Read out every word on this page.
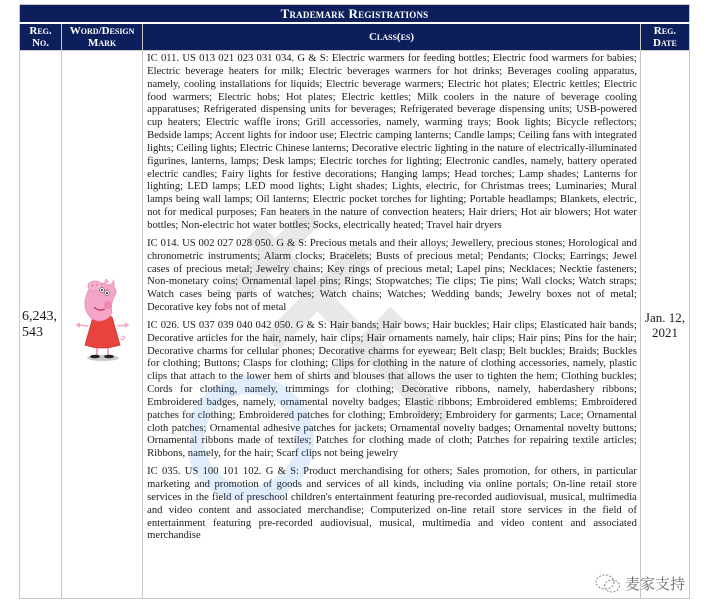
Trademark Registrations			
Reg. No.	Word/Design Mark	Class(es)	Reg. Date
6,243, 543		IC 011. US 013 021 023 031 034. G & S: Electric warmers for feeding bottles; Electric food warmers for babies; Electric beverage heaters for milk; Electric beverages warmers for hot drinks; Beverages cooling apparatus, namely, cooling installations for liquids; Electric beverage warmers; Electric hot plates; Electric kettles; Electric food warmers; Electric hobs; Hot plates; Electric kettles; Milk coolers in the nature of beverage cooling apparatuses; Refrigerated dispensing units for beverages; Refrigerated beverage dispensing units; USB-powered cup heaters; Electric waffle irons; Grill accessories, namely, warming trays; Book lights; Bicycle reflectors; Bedside lamps; Accent lights for indoor use; Electric camping lanterns; Candle lamps; Ceiling fans with integrated lights; Ceiling lights; Electric Chinese lanterns; Decorative electric lighting in the nature of electrically-illuminated figurines, lanterns, lamps; Desk lamps; Electric torches for lighting; Electronic candles, namely, battery operated electric candles; Fairy lights for festive decorations; Hanging lamps; Head torches; Lamp shades; Lanterns for lighting; LED lamps; LED mood lights; Light shades; Lights, electric, for Christmas trees; Luminaries; Mural lamps being wall lamps; Oil lanterns; Electric pocket torches for lighting; Portable headlamps; Blankets, electric, not for medical purposes; Fan heaters in the nature of convection heaters; Hair driers; Hot air blowers; Hot water bottles; Non-electric hot water bottles; Socks, electrically heated; Travel hair dryers

IC 014. US 002 027 028 050. G & S: Precious metals and their alloys; Jewellery, precious stones; Horological and chronometric instruments; Alarm clocks; Bracelets; Busts of precious metal; Pendants; Clocks; Earrings; Jewel cases of precious metal; Jewelry chains; Key rings of precious metal; Lapel pins; Necklaces; Necktie fasteners; Non-monetary coins; Ornamental lapel pins; Rings; Stopwatches; Tie clips; Tie pins; Wall clocks; Watch straps; Watch cases being parts of watches; Watch chains; Watches; Wedding bands; Jewelry boxes not of metal; Decorative key fobs not of metal

IC 026. US 037 039 040 042 050. G & S: Hair bands; Hair bows; Hair buckles; Hair clips; Elasticated hair bands; Decorative articles for the hair, namely, hair clips; Hair ornaments namely, hair clips; Hair pins; Pins for the hair; Decorative charms for cellular phones; Decorative charms for eyewear; Belt clasp; Belt buckles; Braids; Buckles for clothing; Buttons; Clasps for clothing; Clips for clothing in the nature of clothing accessories, namely, plastic clips that attach to the lower hem of shirts and blouses that allows the user to tighten the hem; Clothing buckles; Cords for clothing, namely, trimmings for clothing; Decorative ribbons, namely, haberdashery ribbons; Embroidered badges, namely, ornamental novelty badges; Elastic ribbons; Embroidered emblems; Embroidered patches for clothing; Embroidered patches for clothing; Embroidery; Embroidery for garments; Lace; Ornamental cloth patches; Ornamental adhesive patches for jackets; Ornamental novelty badges; Ornamental novelty buttons; Ornamental ribbons made of textiles; Patches for clothing made of cloth; Patches for repairing textile articles; Ribbons, namely, for the hair; Scarf clips not being jewelry

IC 035. US 100 101 102. G & S: Product merchandising for others; Sales promotion, for others, in particular marketing and promotion of goods and services of all kinds, including via online portals; On-line retail store services in the field of preschool children's entertainment featuring pre-recorded audiovisual, musical, multimedia and video content and associated merchandise; Computerized on-line retail store services in the field of entertainment featuring pre-recorded audiovisual, musical, multimedia and video content and associated merchandise	Jan. 12, 2021
麦家支持
